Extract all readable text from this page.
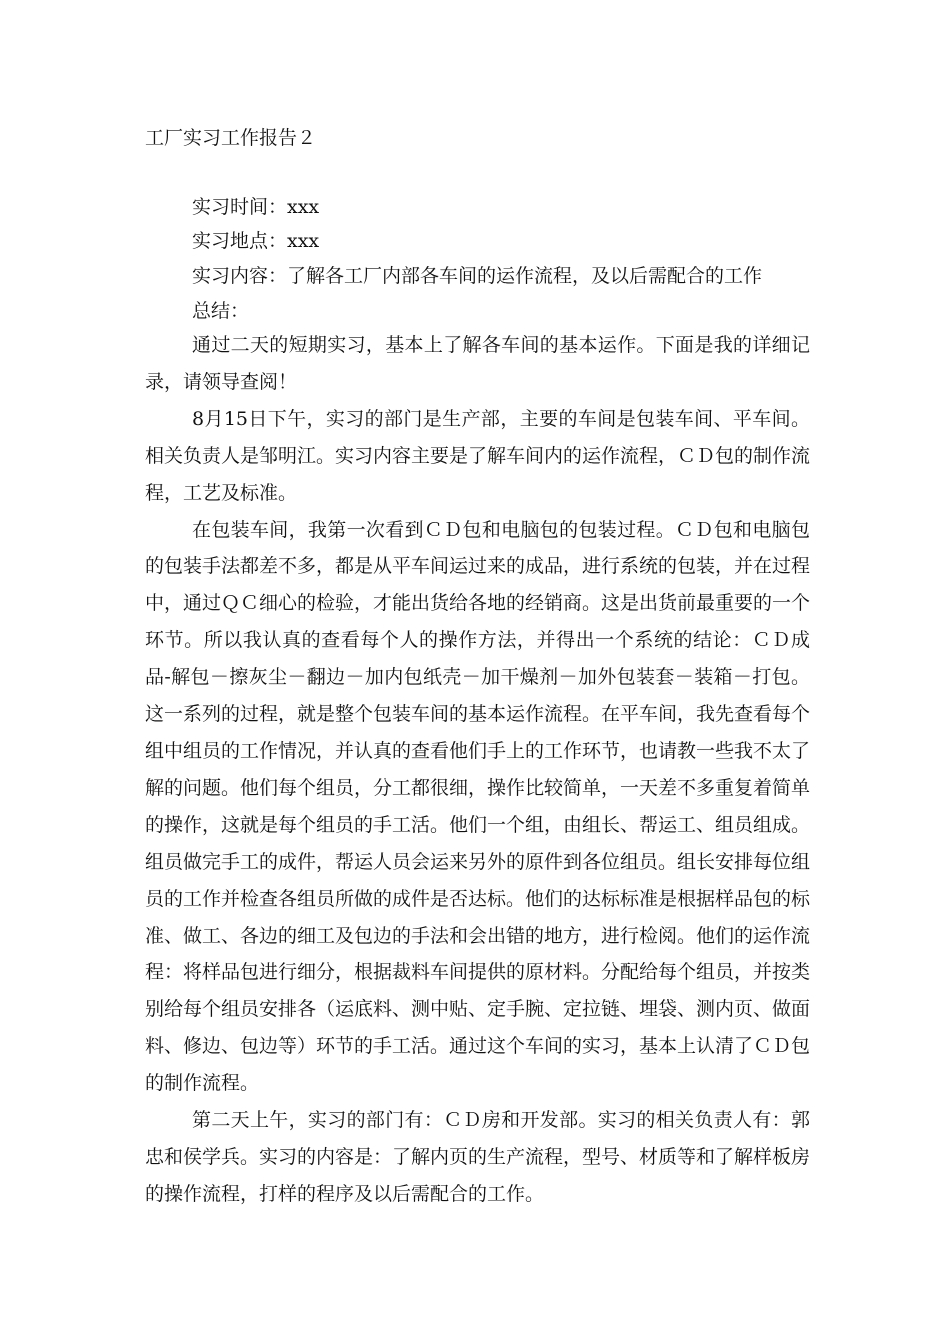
工厂实习工作报告２

实习时间：xxx

实习地点：xxx

实习内容：了解各工厂内部各车间的运作流程，及以后需配合的工作

总结：

通过二天的短期实习，基本上了解各车间的基本运作。下面是我的详细记录，请领导查阅！

8月15日下午，实习的部门是生产部，主要的车间是包装车间、平车间。相关负责人是邹明江。实习内容主要是了解车间内的运作流程，ＣＤ包的制作流程，工艺及标准。

在包装车间，我第一次看到ＣＤ包和电脑包的包装过程。ＣＤ包和电脑包的包装手法都差不多，都是从平车间运过来的成品，进行系统的包装，并在过程中，通过ＱＣ细心的检验，才能出货给各地的经销商。这是出货前最重要的一个环节。所以我认真的查看每个人的操作方法，并得出一个系统的结论：ＣＤ成品-解包－擦灰尘－翻边－加内包纸壳－加干燥剂－加外包装套－装箱－打包。这一系列的过程，就是整个包装车间的基本运作流程。在平车间，我先查看每个组中组员的工作情况，并认真的查看他们手上的工作环节，也请教一些我不太了解的问题。他们每个组员，分工都很细，操作比较简单，一天差不多重复着简单的操作，这就是每个组员的手工活。他们一个组，由组长、帮运工、组员组成。组员做完手工的成件，帮运人员会运来另外的原件到各位组员。组长安排每位组员的工作并检查各组员所做的成件是否达标。他们的达标标准是根据样品包的标准、做工、各边的细工及包边的手法和会出错的地方，进行检阅。他们的运作流程：将样品包进行细分，根据裁料车间提供的原材料。分配给每个组员，并按类别给每个组员安排各（运底料、测中贴、定手腕、定拉链、埋袋、测内页、做面料、修边、包边等）环节的手工活。通过这个车间的实习，基本上认清了ＣＤ包的制作流程。

第二天上午，实习的部门有：ＣＤ房和开发部。实习的相关负责人有：郭忠和侯学兵。实习的内容是：了解内页的生产流程，型号、材质等和了解样板房的操作流程，打样的程序及以后需配合的工作。
